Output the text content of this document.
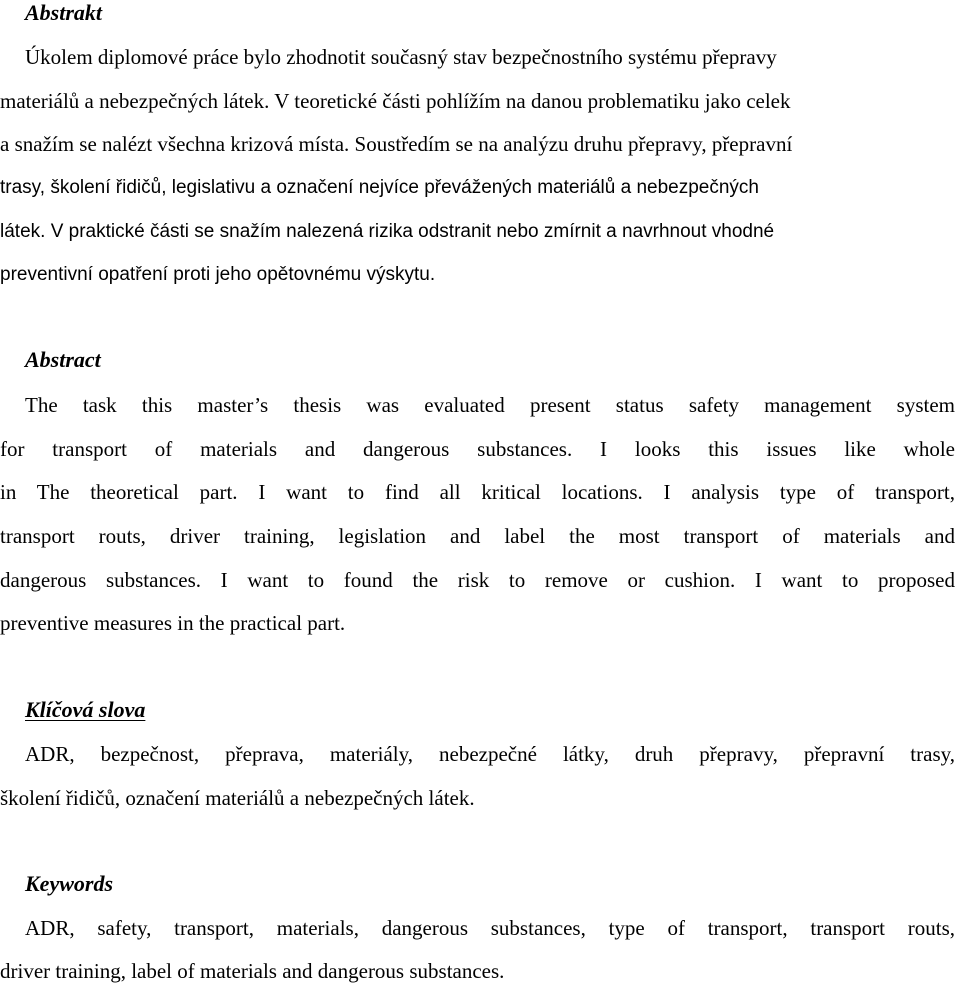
Abstrakt
Úkolem diplomové práce bylo zhodnotit současný stav bezpečnostního systému přepravy
materiálů a nebezpečných látek. V teoretické části pohlížím na danou problematiku jako celek
a snažím se nalézt všechna krizová místa. Soustředím se na analýzu druhu přepravy, přepravní
trasy, školení řidičů, legislativu a označení nejvíce převážených materiálů a nebezpečných
látek. V praktické části se snažím nalezená rizika odstranit nebo zmírnit a navrhnout vhodné
preventivní opatření proti jeho opětovnému výskytu.
Abstract
The task this master’s thesis was evaluated present status safety management system
for transport of materials and dangerous substances. I looks this issues like whole
in The theoretical part. I want to find all kritical locations. I analysis type of transport,
transport routs, driver training, legislation and label the most transport of materials and
dangerous substances. I want to found the risk to remove or cushion. I want to proposed
preventive measures in the practical part.
Klíčová slova
ADR, bezpečnost, přeprava, materiály, nebezpečné látky, druh přepravy, přepravní trasy,
školení řidičů, označení materiálů a nebezpečných látek.
Keywords
ADR, safety, transport, materials, dangerous substances, type of transport, transport routs,
driver training, label of materials and dangerous substances.
